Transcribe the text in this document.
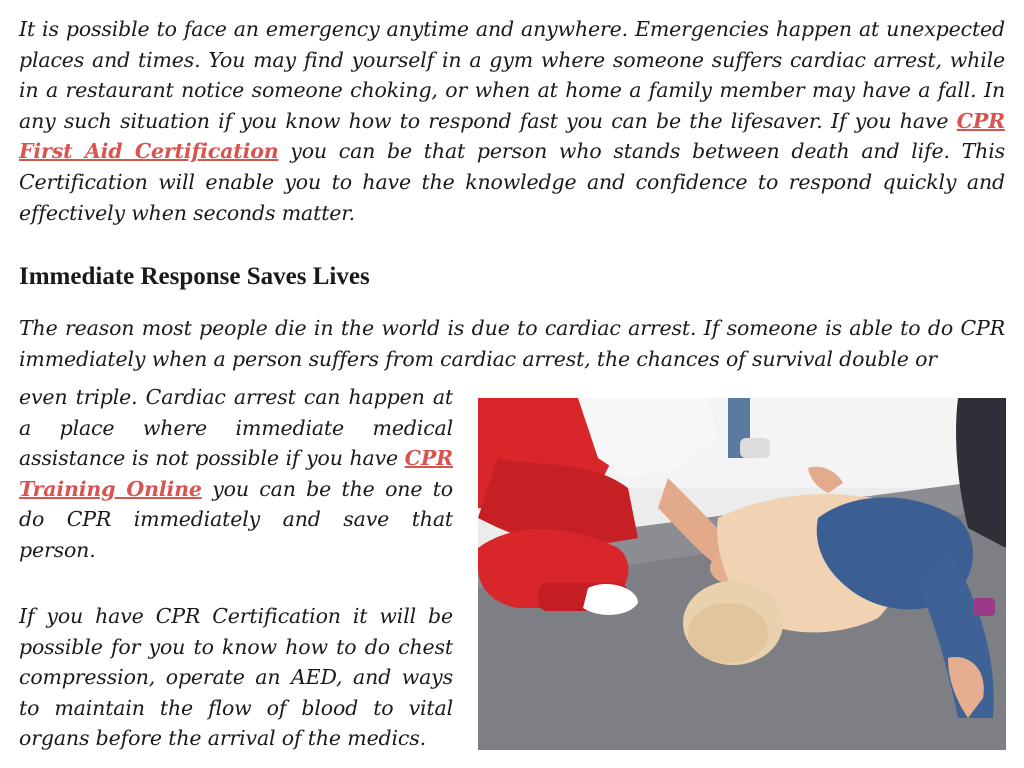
It is possible to face an emergency anytime and anywhere. Emergencies happen at unexpected places and times. You may find yourself in a gym where someone suffers cardiac arrest, while in a restaurant notice someone choking, or when at home a family member may have a fall. In any such situation if you know how to respond fast you can be the lifesaver. If you have CPR First Aid Certification you can be that person who stands between death and life. This Certification will enable you to have the knowledge and confidence to respond quickly and effectively when seconds matter.

Immediate Response Saves Lives

The reason most people die in the world is due to cardiac arrest. If someone is able to do CPR immediately when a person suffers from cardiac arrest, the chances of survival double or

even triple. Cardiac arrest can happen at a place where immediate medical assistance is not possible if you have CPR Training Online you can be the one to do CPR immediately and save that person.

If you have CPR Certification it will be possible for you to know how to do chest compression, operate an AED, and ways to maintain the flow of blood to vital organs before the arrival of the medics.
